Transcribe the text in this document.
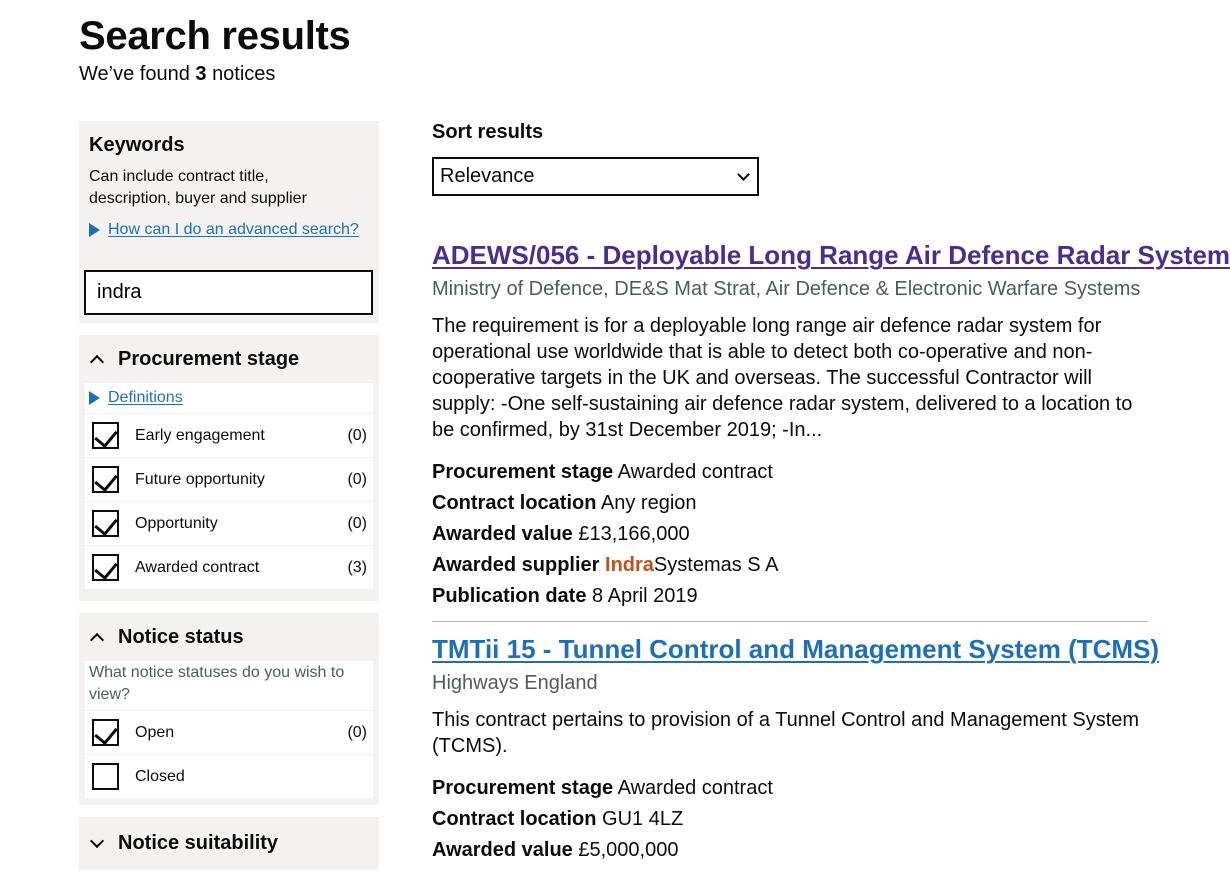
Search results
We’ve found 3 notices
Keywords
Can include contract title, description, buyer and supplier
How can I do an advanced search?
indra
Procurement stage
Definitions
Early engagement	(0)
Future opportunity	(0)
Opportunity	(0)
Awarded contract	(3)
Notice status
What notice statuses do you wish to view?
Open	(0)
Closed
Notice suitability
Sort results
Relevance
ADEWS/056 - Deployable Long Range Air Defence Radar System
Ministry of Defence, DE&S Mat Strat, Air Defence & Electronic Warfare Systems
The requirement is for a deployable long range air defence radar system for operational use worldwide that is able to detect both co-operative and non-cooperative targets in the UK and overseas. The successful Contractor will supply: -One self-sustaining air defence radar system, delivered to a location to be confirmed, by 31st December 2019; -In...
Procurement stage Awarded contract
Contract location Any region
Awarded value £13,166,000
Awarded supplier IndraSystemas S A
Publication date 8 April 2019
TMTii 15 - Tunnel Control and Management System (TCMS)
Highways England
This contract pertains to provision of a Tunnel Control and Management System (TCMS).
Procurement stage Awarded contract
Contract location GU1 4LZ
Awarded value £5,000,000
